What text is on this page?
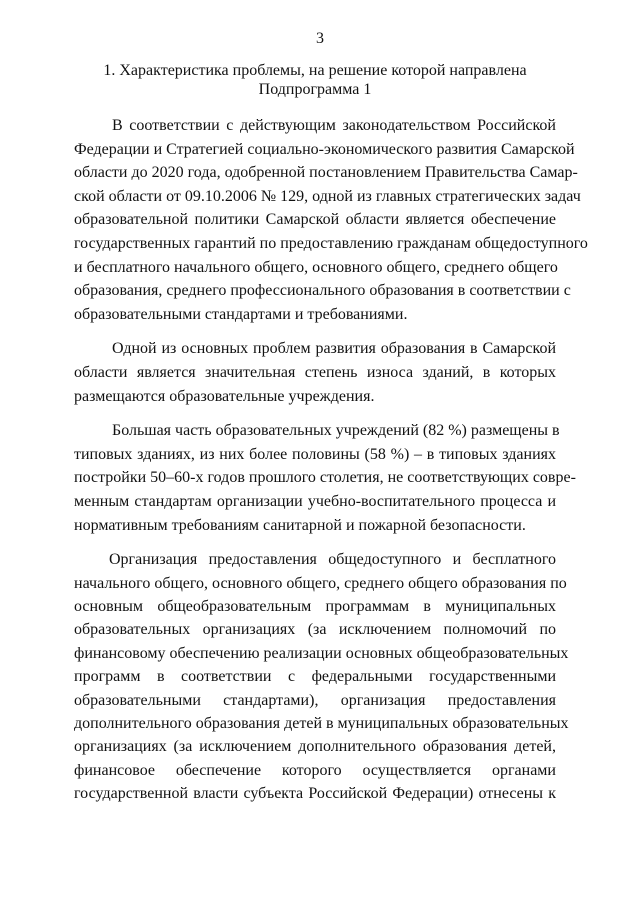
3
1. Характеристика проблемы, на решение которой направлена
Подпрограмма 1
В соответствии с действующим законодательством Российской
Федерации и Стратегией социально-экономического развития Самарской
области до 2020 года, одобренной постановлением Правительства Самар-
ской области от 09.10.2006 № 129, одной из главных стратегических задач
образовательной политики Самарской области является обеспечение
государственных гарантий по предоставлению гражданам общедоступного
и бесплатного начального общего, основного общего, среднего общего
образования, среднего профессионального образования в соответствии с
образовательными стандартами и требованиями.
Одной из основных проблем развития образования в Самарской
области является значительная степень износа зданий, в которых
размещаются образовательные учреждения.
Большая часть образовательных учреждений (82 %) размещены в
типовых зданиях, из них более половины (58 %) – в типовых зданиях
постройки 50–60-х годов прошлого столетия, не соответствующих совре-
менным стандартам организации учебно-воспитательного процесса и
нормативным требованиям санитарной и пожарной безопасности.
Организация предоставления общедоступного и бесплатного
начального общего, основного общего, среднего общего образования по
основным общеобразовательным программам в муниципальных
образовательных организациях (за исключением полномочий по
финансовому обеспечению реализации основных общеобразовательных
программ в соответствии с федеральными государственными
образовательными стандартами), организация предоставления
дополнительного образования детей в муниципальных образовательных
организациях (за исключением дополнительного образования детей,
финансовое обеспечение которого осуществляется органами
государственной власти субъекта Российской Федерации) отнесены к
